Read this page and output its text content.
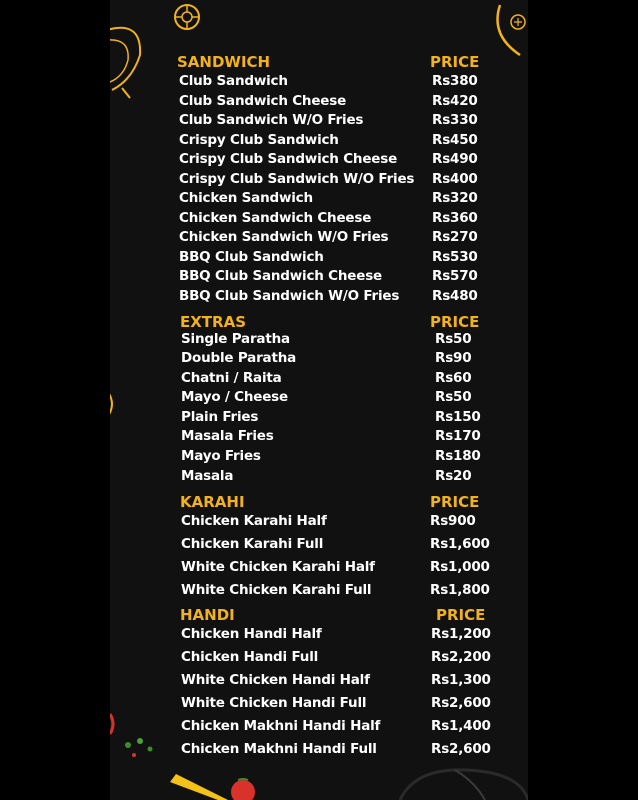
SANDWICH	PRICE
Club Sandwich	Rs380
Club Sandwich Cheese	Rs420
Club Sandwich W/O Fries	Rs330
Crispy Club Sandwich	Rs450
Crispy Club Sandwich Cheese	Rs490
Crispy Club Sandwich W/O Fries Rs400
Chicken Sandwich	Rs320
Chicken Sandwich Cheese	Rs360
Chicken Sandwich W/O Fries	Rs270
BBQ Club Sandwich	Rs530
BBQ Club Sandwich Cheese	Rs570
BBQ Club Sandwich W/O Fries Rs480
EXTRAS	PRICE
Single Paratha	Rs50
Double Paratha	Rs90
Chatni / Raita	Rs60
Mayo / Cheese	Rs50
Plain Fries	Rs150
Masala Fries	Rs170
Mayo Fries	Rs180
Masala	Rs20
KARAHI	PRICE
Chicken Karahi Half	Rs900
Chicken Karahi Full	Rs1,600
White Chicken Karahi Half	Rs1,000
White Chicken Karahi Full	Rs1,800
HANDI	PRICE
Chicken Handi Half	Rs1,200
Chicken Handi Full	Rs2,200
White Chicken Handi Half	Rs1,300
White Chicken Handi Full	Rs2,600
Chicken Makhni Handi Half	Rs1,400
Chicken Makhni Handi Full	Rs2,600
